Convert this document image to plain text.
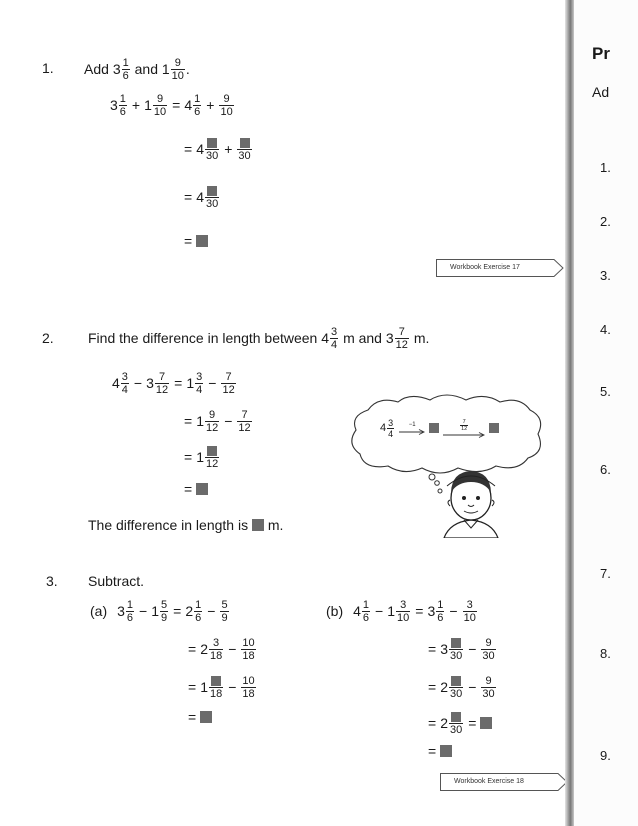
1. Add
$3 \frac{1}{6}$
and
$1 \frac{9}{10}$ .
$3 \frac{1}{6} + 1 \frac{9}{10} = 4 \frac{1}{6} + \frac{9}{10}$
= 4 30 + 30
= 4 30
=
Workbook Exercise 17
2. Find the difference in length between
$4 \frac{3}{4}$
m and
$3 \frac{7}{12}$
m.
$4 \frac{3}{4} - 3 \frac{7}{12} = 1 \frac{3}{4} - \frac{7}{12}$
= $1 \frac{9}{12} - \frac{7}{12}$
= 1 12
=
$4 \frac{3}{4} -1$	$\frac{7}{12}$
The difference in length is

m.
3. Subtract.
(a) $3 \frac{1}{6} - 1 \frac{5}{9} = 2 \frac{1}{6} - \frac{5}{9}$
= $2 \frac{3}{18} - \frac{10}{18}$
= 1 $18 - \frac{10}{18}$
=
(b) $4 \frac{1}{6} - 1 \frac{3}{10} = 3 \frac{1}{6} - \frac{3}{10}$
= 3 $30 - \frac{9}{30}$
= 2 $30 - \frac{9}{30}$
= 2 30 =
=
Workbook Exercise 18
Pr
Ad
1.
2.
3.
4.
5.
6.
7.
8.
9.
